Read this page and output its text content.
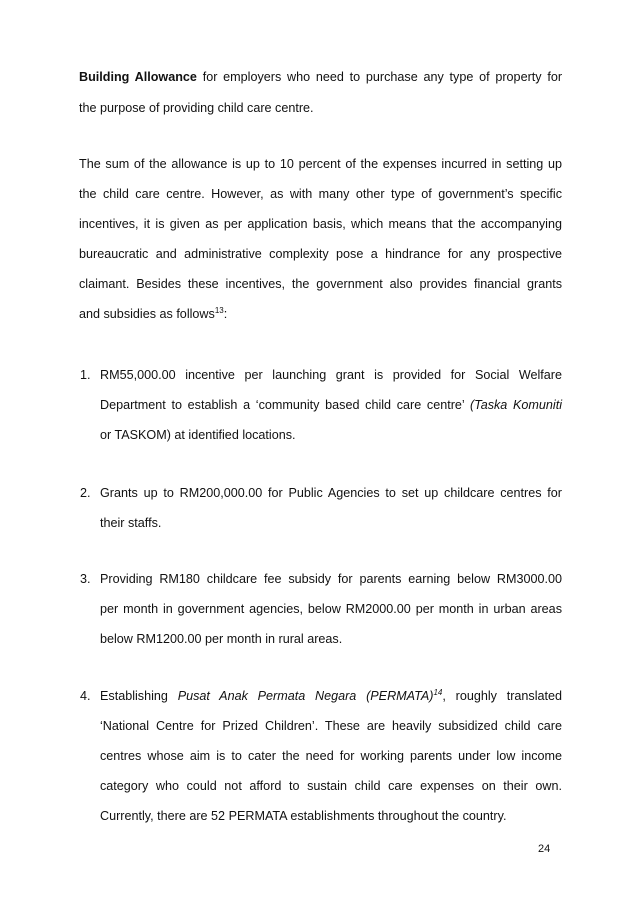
Building Allowance for employers who need to purchase any type of property for
the purpose of providing child care centre.
The sum of the allowance is up to 10 percent of the expenses incurred in setting up
the child care centre. However, as with many other type of government’s specific
incentives, it is given as per application basis, which means that the accompanying
bureaucratic and administrative complexity pose a hindrance for any prospective
claimant. Besides these incentives, the government also provides financial grants
and subsidies as follows$^{13}$:
1. RM55,000.00 incentive per launching grant is provided for Social Welfare
Department to establish a ‘community based child care centre’ (Taska Komuniti
or TASKOM) at identified locations.
2. Grants up to RM200,000.00 for Public Agencies to set up childcare centres for
their staffs.
3. Providing RM180 childcare fee subsidy for parents earning below RM3000.00
per month in government agencies, below RM2000.00 per month in urban areas
below RM1200.00 per month in rural areas.
4. Establishing Pusat Anak Permata Negara (PERMATA)$^{14}$, roughly translated
‘National Centre for Prized Children’. These are heavily subsidized child care
centres whose aim is to cater the need for working parents under low income
category who could not afford to sustain child care expenses on their own.
Currently, there are 52 PERMATA establishments throughout the country.
24
